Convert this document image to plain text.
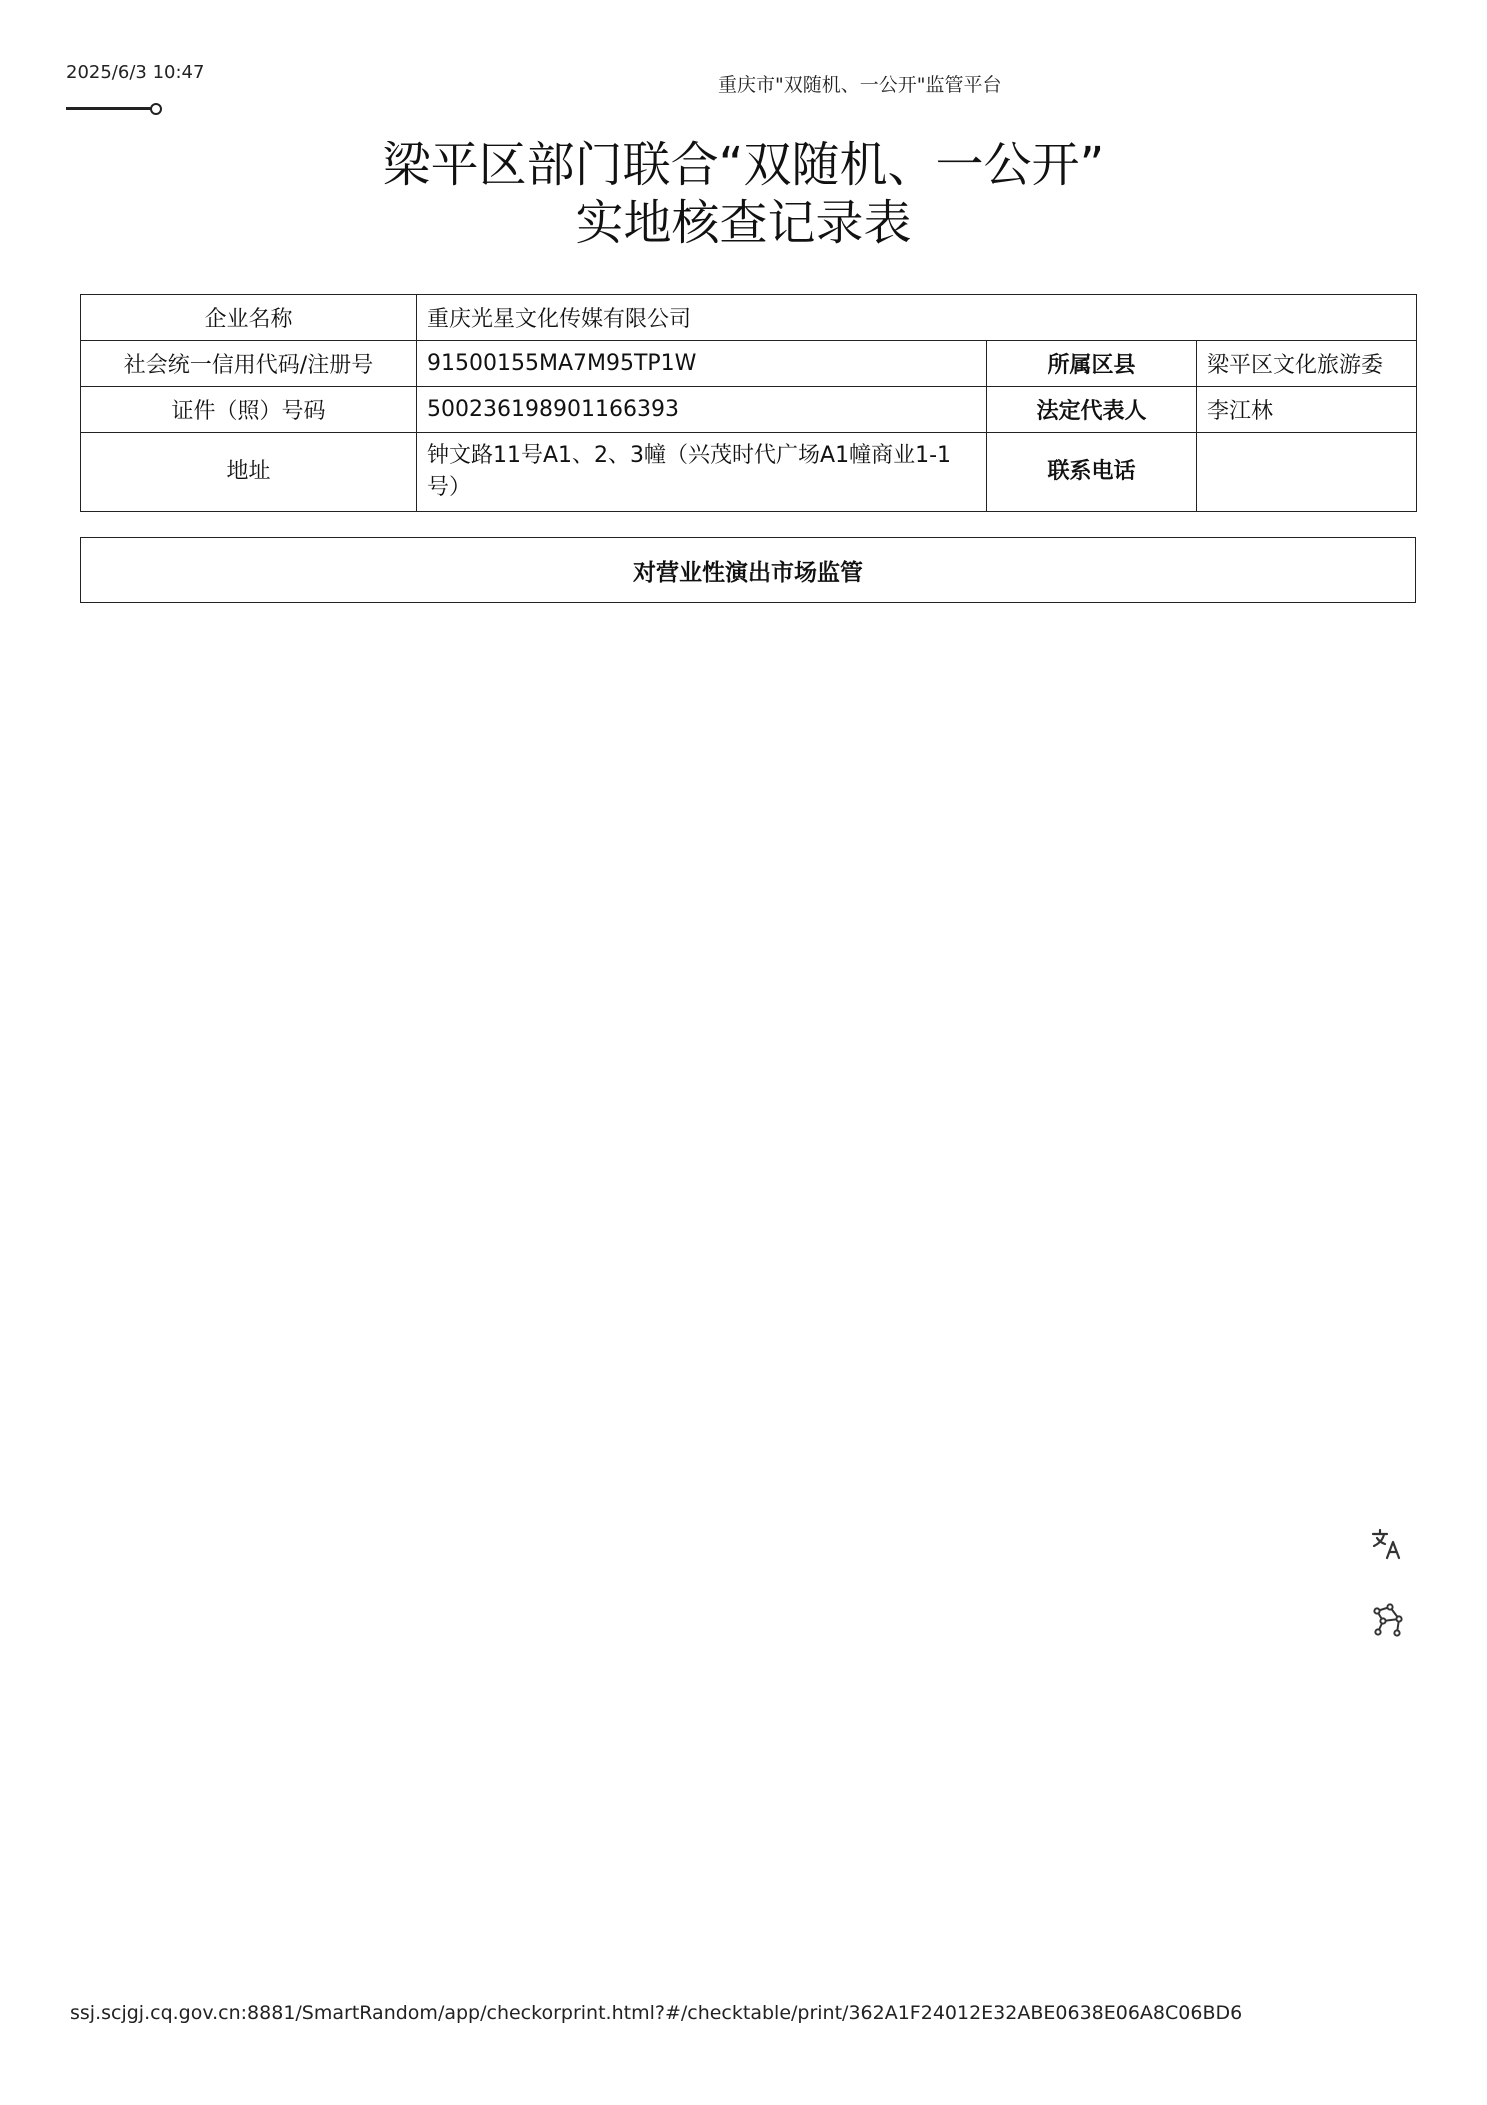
2025/6/3 10:47
重庆市"双随机、一公开"监管平台
梁平区部门联合“双随机、一公开”
实地核查记录表
企业名称	重庆光星文化传媒有限公司		
社会统一信用代码/注册号	91500155MA7M95TP1W	所属区县	梁平区文化旅游委
证件（照）号码	500236198901166393	法定代表人	李江林
地址	钟文路11号A1、2、3幢（兴茂时代广场A1幢商业1-1号）	联系电话	
对营业性演出市场监管
ssj.scjgj.cq.gov.cn:8881/SmartRandom/app/checkorprint.html?#/checktable/print/362A1F24012E32ABE0638E06A8C06BD6
